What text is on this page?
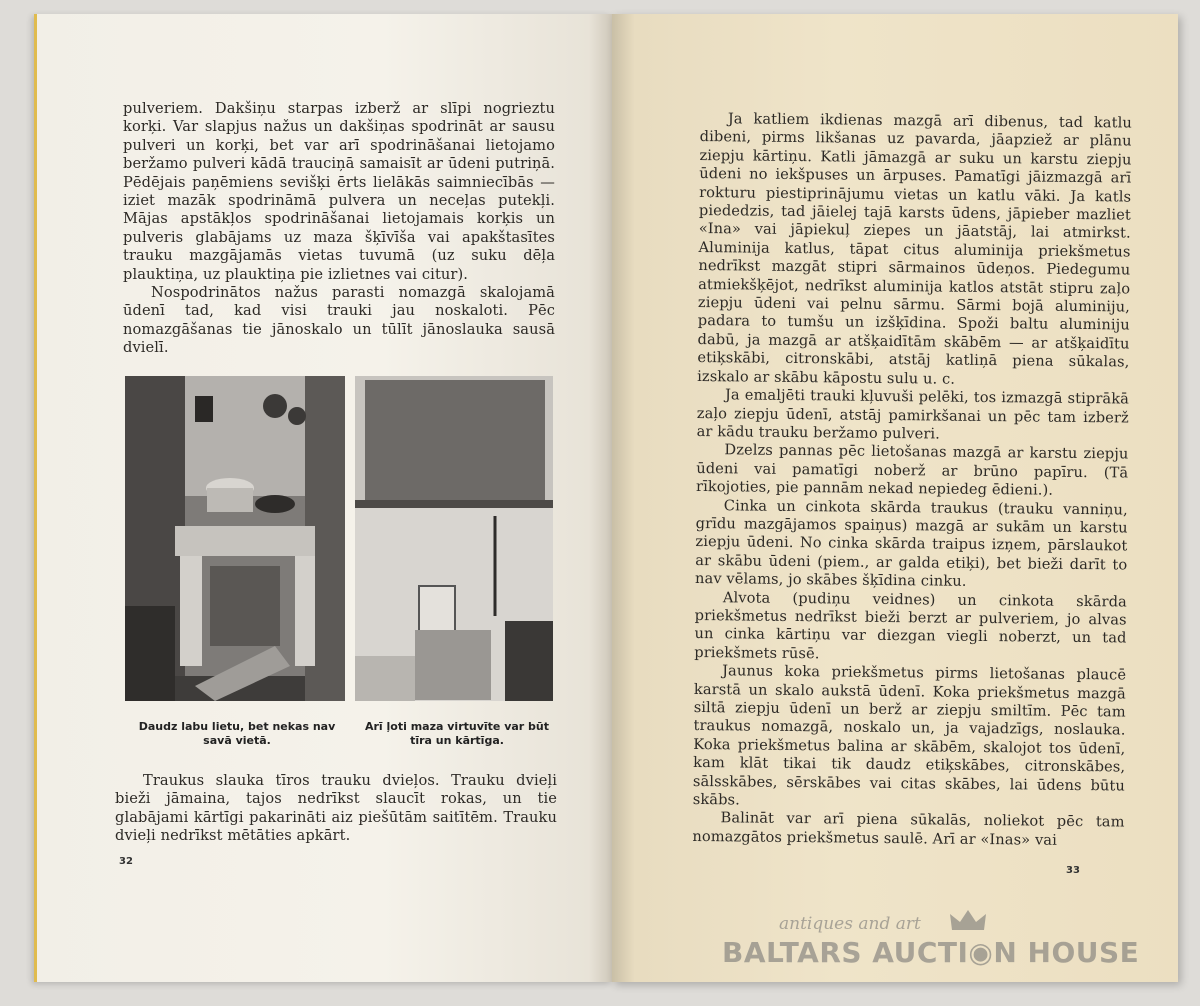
pulveriem. Dakšiņu starpas izberž ar slīpi nogrieztu korķi. Var slapjus nažus un dakšiņas spodrināt ar sausu pulveri un korķi, bet var arī spodrināšanai lietojamo beržamo pulveri kādā trauciņā samaisīt ar ūdeni putriņā. Pēdējais paņēmiens sevišķi ērts lielākās saimniecībās — iziet mazāk spodrināmā pulvera un neceļas putekļi. Mājas apstākļos spodrināšanai lietojamais korķis un pulveris glabājams uz maza šķīvīša vai apakštasītes trauku mazgājamās vietas tuvumā (uz suku dēļa plauktiņa, uz plauktiņa pie izlietnes vai citur).

Nospodrinātos nažus parasti nomazgā skalojamā ūdenī tad, kad visi trauki jau noskaloti. Pēc nomazgāšanas tie jānoskalo un tūlīt jānoslauka sausā dvielī.

Daudz labu lietu, bet nekas nav savā vietā.
Arī ļoti maza virtuvīte var būt tīra un kārtīga.

Traukus slauka tīros trauku dvieļos. Trauku dvieļi bieži jāmaina, tajos nedrīkst slaucīt rokas, un tie glabājami kārtīgi pakarināti aiz piešūtām saitītēm. Trauku dvieļi nedrīkst mētāties apkārt.

32

Ja katliem ikdienas mazgā arī dibenus, tad katlu dibeni, pirms likšanas uz pavarda, jāapziež ar plānu ziepju kārtiņu. Katli jāmazgā ar suku un karstu ziepju ūdeni no iekšpuses un ārpuses. Pamatīgi jāizmazgā arī rokturu piestiprinājumu vietas un katlu vāki. Ja katls piededzis, tad jāielej tajā karsts ūdens, jāpieber mazliet «Ina» vai jāpiekuļ ziepes un jāatstāj, lai atmirkst. Aluminija katlus, tāpat citus aluminija priekšmetus nedrīkst mazgāt stipri sārmainos ūdeņos. Piedegumu atmiekšķējot, nedrīkst aluminija katlos atstāt stipru zaļo ziepju ūdeni vai pelnu sārmu. Sārmi bojā aluminiju, padara to tumšu un izšķīdina. Spoži baltu aluminiju dabū, ja mazgā ar atšķaidītām skābēm — ar atšķaidītu etiķskābi, citronskābi, atstāj katliņā piena sūkalas, izskalo ar skābu kāpostu sulu u. c.

Ja emaljēti trauki kļuvuši pelēki, tos izmazgā stiprākā zaļo ziepju ūdenī, atstāj pamirkšanai un pēc tam izberž ar kādu trauku beržamo pulveri.

Dzelzs pannas pēc lietošanas mazgā ar karstu ziepju ūdeni vai pamatīgi noberž ar brūno papīru. (Tā rīkojoties, pie pannām nekad nepiedeg ēdieni.).

Cinka un cinkota skārda traukus (trauku vanniņu, grīdu mazgājamos spaiņus) mazgā ar sukām un karstu ziepju ūdeni. No cinka skārda traipus izņem, pārslaukot ar skābu ūdeni (piem., ar galda etiķi), bet bieži darīt to nav vēlams, jo skābes šķīdina cinku.

Alvota (pudiņu veidnes) un cinkota skārda priekšmetus nedrīkst bieži berzt ar pulveriem, jo alvas un cinka kārtiņu var diezgan viegli noberzt, un tad priekšmets rūsē.

Jaunus koka priekšmetus pirms lietošanas plaucē karstā un skalo aukstā ūdenī. Koka priekšmetus mazgā siltā ziepju ūdenī un berž ar ziepju smiltīm. Pēc tam traukus nomazgā, noskalo un, ja vajadzīgs, noslauka. Koka priekšmetus balina ar skābēm, skalojot tos ūdenī, kam klāt tikai tik daudz etiķskābes, citronskābes, sālsskābes, sērskābes vai citas skābes, lai ūdens būtu skābs.

Balināt var arī piena sūkalās, noliekot pēc tam nomazgātos priekšmetus saulē. Arī ar «Inas» vai

33
antiques and art
BALTARS AUCTI◉N HOUSE
